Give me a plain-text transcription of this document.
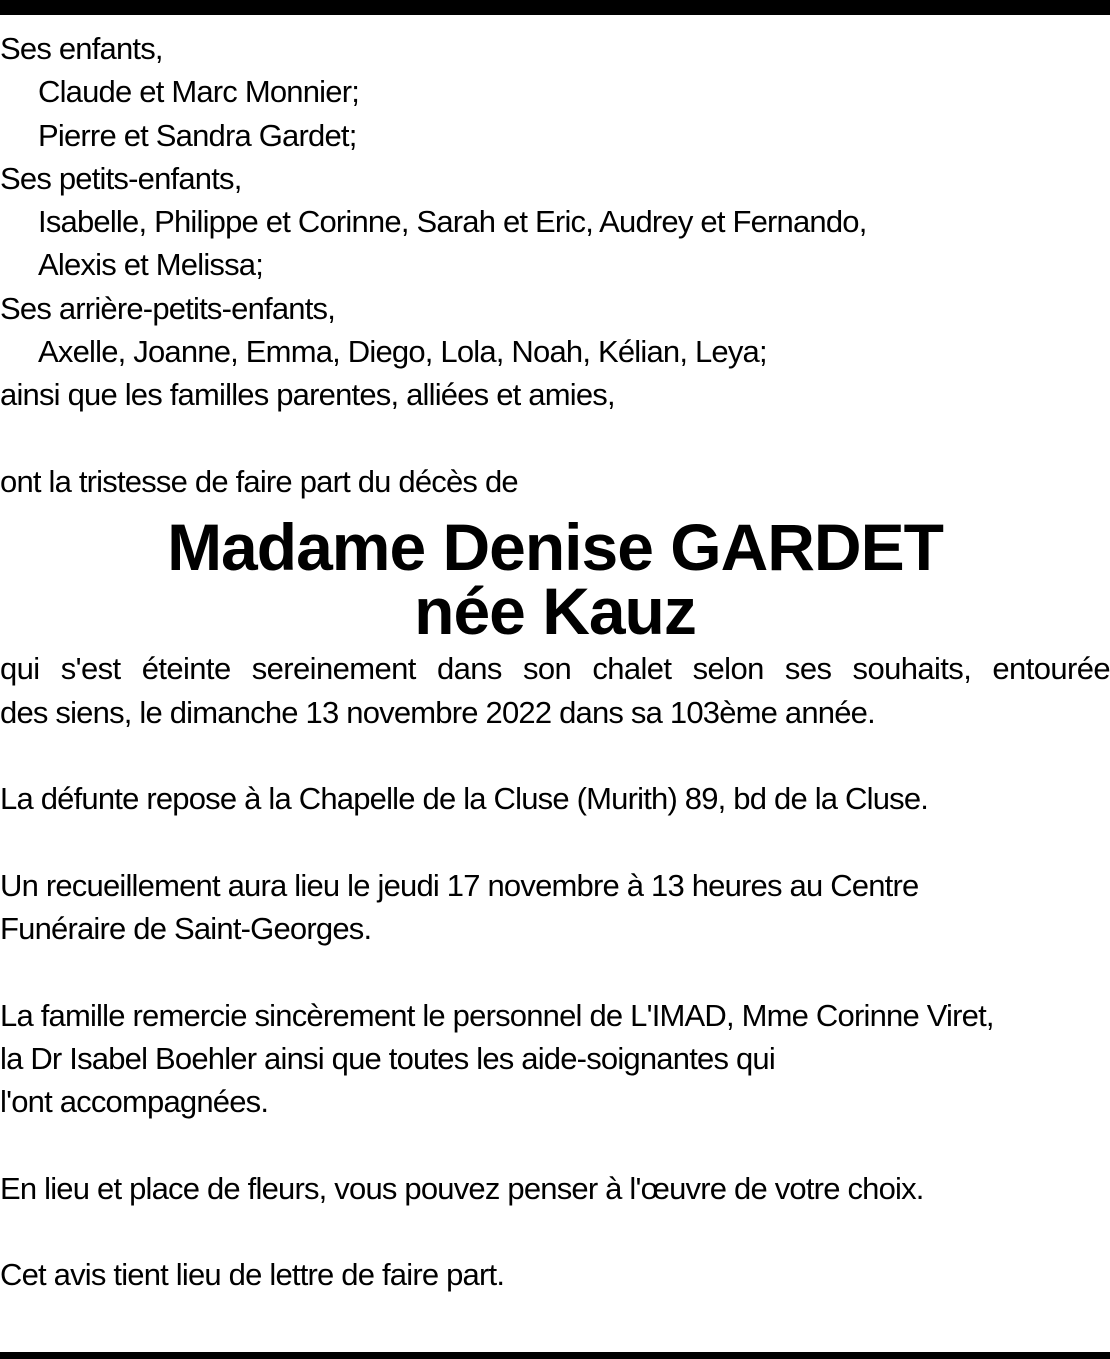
Ses enfants,
Claude et Marc Monnier;
Pierre et Sandra Gardet;
Ses petits-enfants,
Isabelle, Philippe et Corinne, Sarah et Eric, Audrey et Fernando,
Alexis et Melissa;
Ses arrière-petits-enfants,
Axelle, Joanne, Emma, Diego, Lola, Noah, Kélian, Leya;
ainsi que les familles parentes, alliées et amies,
ont la tristesse de faire part du décès de
Madame Denise GARDET
née Kauz
qui s'est éteinte sereinement dans son chalet selon ses souhaits, entourée
des siens, le dimanche 13 novembre 2022 dans sa 103ème année.
La défunte repose à la Chapelle de la Cluse (Murith) 89, bd de la Cluse.
Un recueillement aura lieu le jeudi 17 novembre à 13 heures au Centre
Funéraire de Saint-Georges.
La famille remercie sincèrement le personnel de L'IMAD, Mme Corinne Viret,
la Dr Isabel Boehler ainsi que toutes les aide-soignantes qui
l'ont accompagnées.
En lieu et place de fleurs, vous pouvez penser à l'œuvre de votre choix.
Cet avis tient lieu de lettre de faire part.
